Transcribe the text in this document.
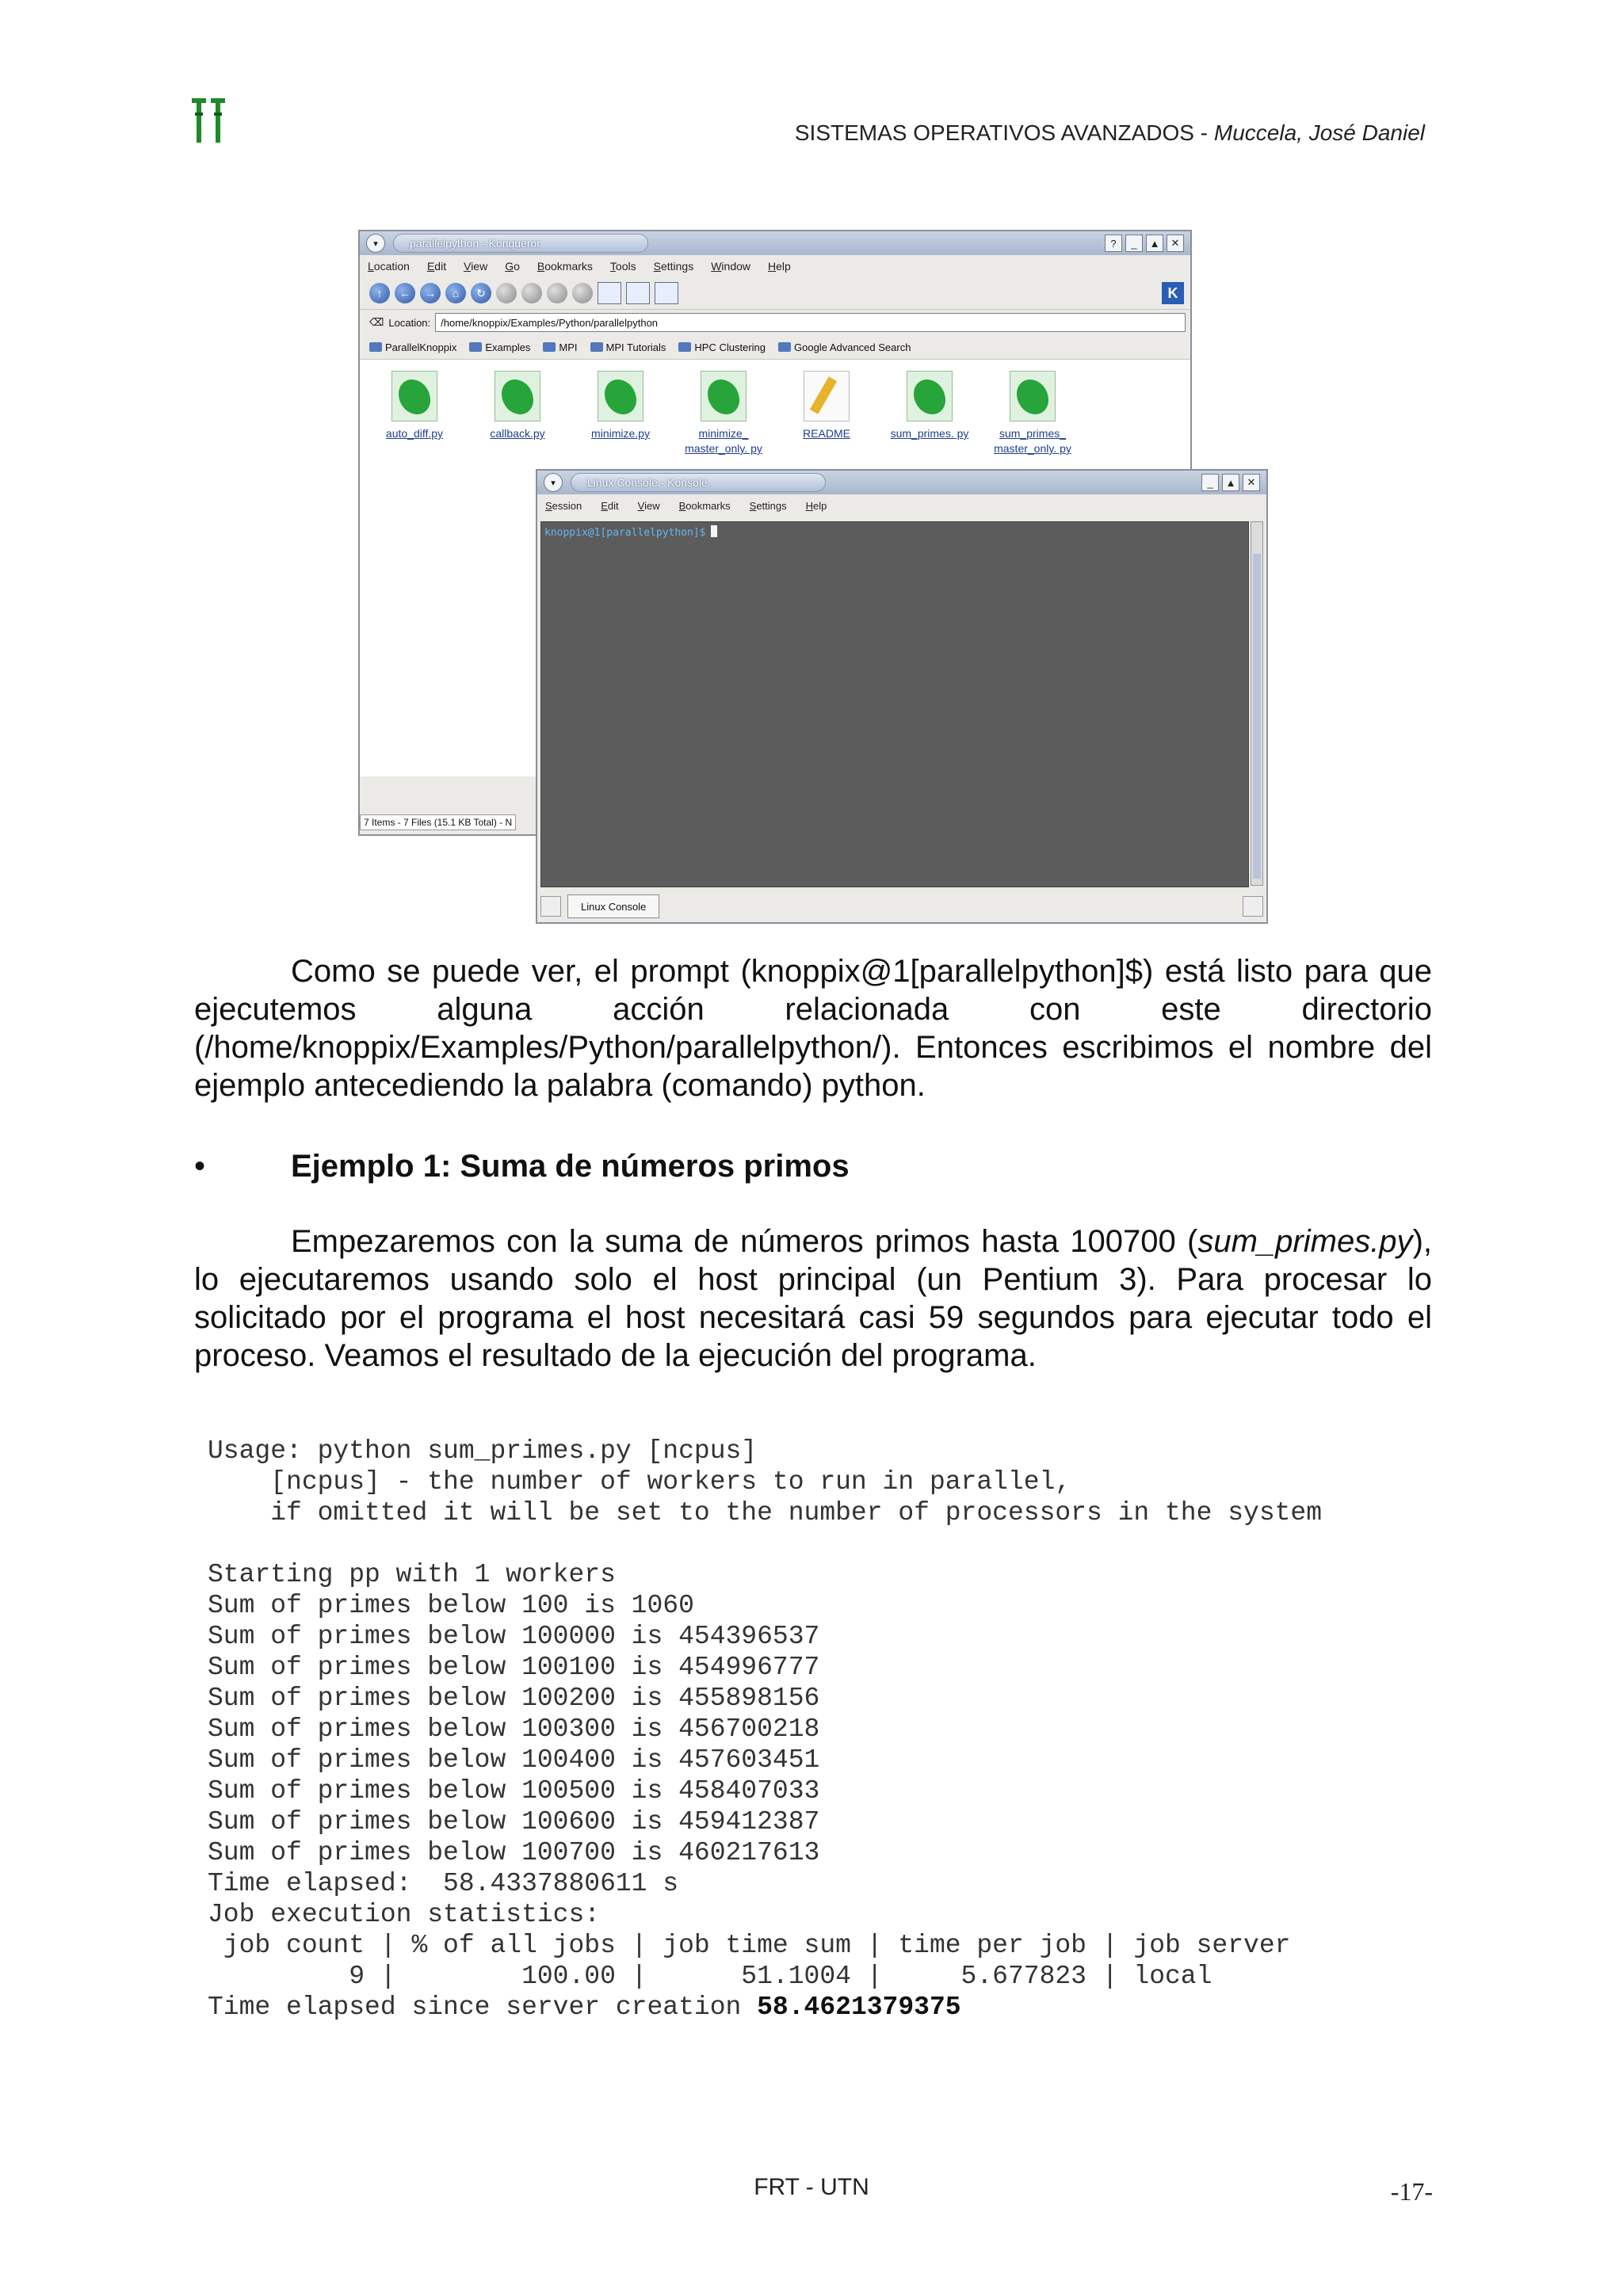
SISTEMAS OPERATIVOS AVANZADOS - Muccela, José Daniel
▾	parallelpython - Konqueror	?	_	▲	✕
Location Edit View Go Bookmarks Tools Settings Window Help
↑	←	→	⌂	↻	K
⌫ Location:	/home/knoppix/Examples/Python/parallelpython
ParallelKnoppix	Examples	MPI	MPI Tutorials	HPC Clustering	Google Advanced Search
auto_diff.py	callback.py	minimize.py	minimize_ master_only. py
README	sum_primes. py	sum_primes_ master_only. py
7 Items - 7 Files (15.1 KB Total) - N
▾	Linux Console - Konsole	_	▲	✕
Session Edit View Bookmarks Settings Help
knoppix@1[parallelpython]$
Linux Console

Como se puede ver, el prompt (knoppix@1[parallelpython]$) está listo para que ejecutemos alguna acción relacionada con este directorio (/home/knoppix/Examples/Python/parallelpython/). Entonces escribimos el nombre del ejemplo antecediendo la palabra (comando) python.

•	Ejemplo 1: Suma de números primos

Empezaremos con la suma de números primos hasta 100700 (sum_primes.py), lo ejecutaremos usando solo el host principal (un Pentium 3). Para procesar lo solicitado por el programa el host necesitará casi 59 segundos para ejecutar todo el proceso. Veamos el resultado de la ejecución del programa.

Usage: python sum_primes.py [ncpus]
[ncpus] - the number of workers to run in parallel,
if omitted it will be set to the number of processors in the system

Starting pp with 1 workers
Sum of primes below 100 is 1060
Sum of primes below 100000 is 454396537
Sum of primes below 100100 is 454996777
Sum of primes below 100200 is 455898156
Sum of primes below 100300 is 456700218
Sum of primes below 100400 is 457603451
Sum of primes below 100500 is 458407033
Sum of primes below 100600 is 459412387
Sum of primes below 100700 is 460217613
Time elapsed:  58.4337880611 s
Job execution statistics:
job count | % of all jobs | job time sum | time per job | job server
9 |        100.00 |      51.1004 |     5.677823 | local
Time elapsed since server creation 58.4621379375
FRT - UTN	-17-
